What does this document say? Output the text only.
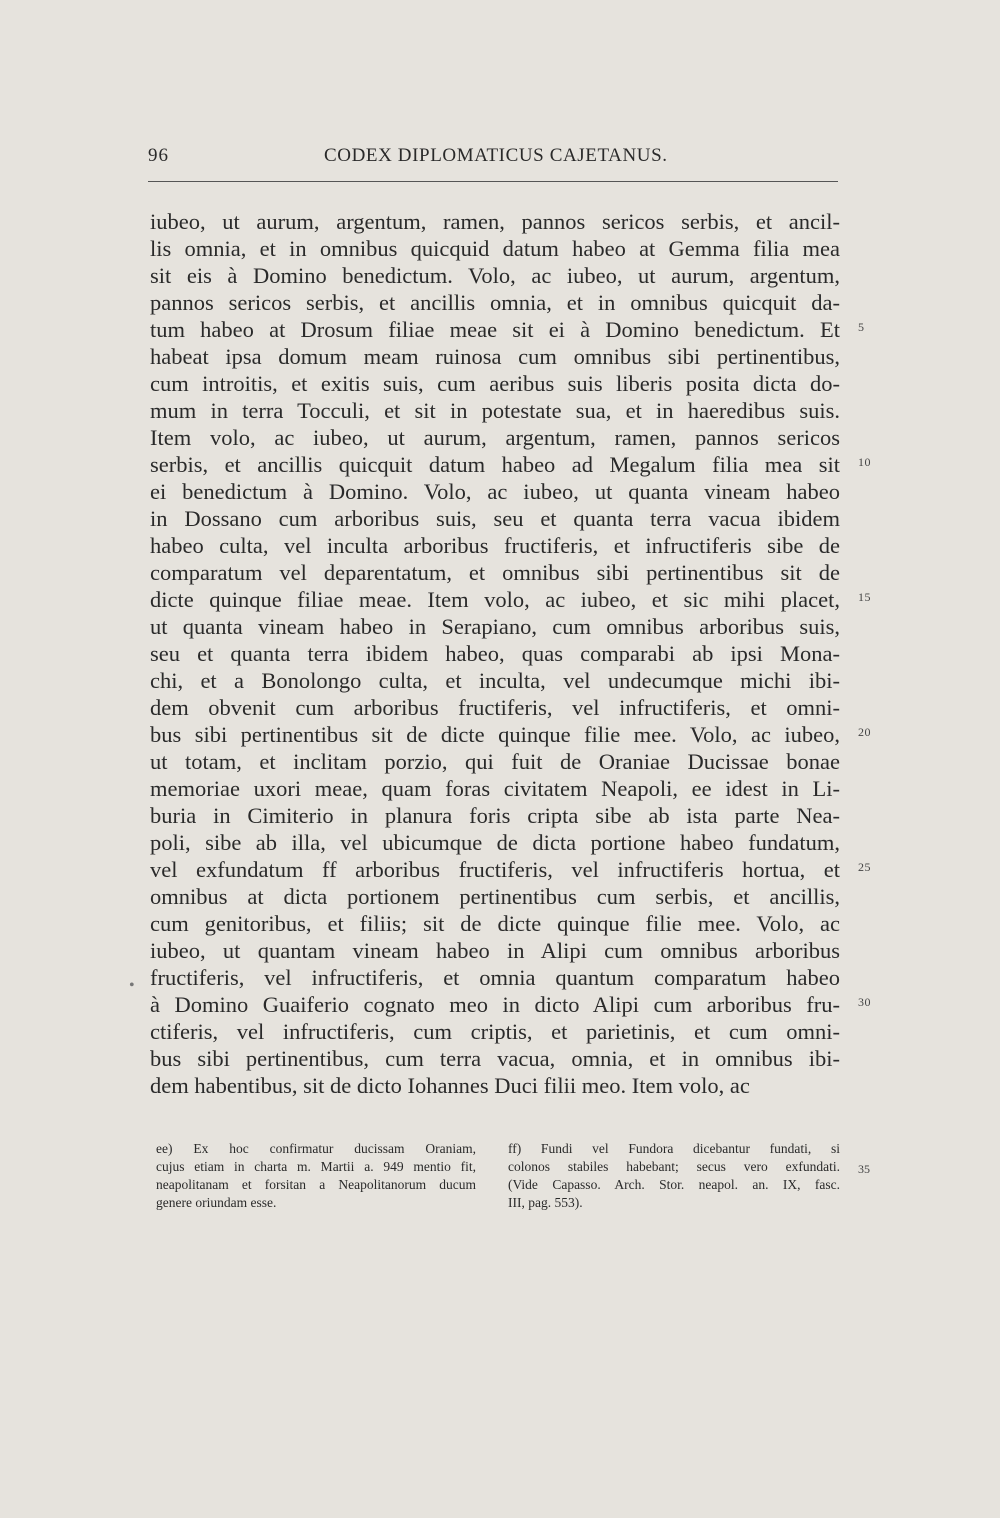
96	CODEX DIPLOMATICUS CAJETANUS.
iubeo, ut aurum, argentum, ramen, pannos sericos serbis, et ancil-
lis omnia, et in omnibus quicquid datum habeo at Gemma filia mea
sit eis à Domino benedictum. Volo, ac iubeo, ut aurum, argentum,
pannos sericos serbis, et ancillis omnia, et in omnibus quicquit da-
tum habeo at Drosum filiae meae sit ei à Domino benedictum. Et
habeat ipsa domum meam ruinosa cum omnibus sibi pertinentibus,
cum introitis, et exitis suis, cum aeribus suis liberis posita dicta do-
mum in terra Tocculi, et sit in potestate sua, et in haeredibus suis.
Item volo, ac iubeo, ut aurum, argentum, ramen, pannos sericos
serbis, et ancillis quicquit datum habeo ad Megalum filia mea sit
ei benedictum à Domino. Volo, ac iubeo, ut quanta vineam habeo
in Dossano cum arboribus suis, seu et quanta terra vacua ibidem
habeo culta, vel inculta arboribus fructiferis, et infructiferis sibe de
comparatum vel deparentatum, et omnibus sibi pertinentibus sit de
dicte quinque filiae meae. Item volo, ac iubeo, et sic mihi placet,
ut quanta vineam habeo in Serapiano, cum omnibus arboribus suis,
seu et quanta terra ibidem habeo, quas comparabi ab ipsi Mona-
chi, et a Bonolongo culta, et inculta, vel undecumque michi ibi-
dem obvenit cum arboribus fructiferis, vel infructiferis, et omni-
bus sibi pertinentibus sit de dicte quinque filie mee. Volo, ac iubeo,
ut totam, et inclitam porzio, qui fuit de Oraniae Ducissae bonae
memoriae uxori meae, quam foras civitatem Neapoli, ee idest in Li-
buria in Cimiterio in planura foris cripta sibe ab ista parte Nea-
poli, sibe ab illa, vel ubicumque de dicta portione habeo fundatum,
vel exfundatum ff arboribus fructiferis, vel infructiferis hortua, et
omnibus at dicta portionem pertinentibus cum serbis, et ancillis,
cum genitoribus, et filiis; sit de dicte quinque filie mee. Volo, ac
iubeo, ut quantam vineam habeo in Alipi cum omnibus arboribus
fructiferis, vel infructiferis, et omnia quantum comparatum habeo
à Domino Guaiferio cognato meo in dicto Alipi cum arboribus fru-
ctiferis, vel infructiferis, cum criptis, et parietinis, et cum omni-
bus sibi pertinentibus, cum terra vacua, omnia, et in omnibus ibi-
dem habentibus, sit de dicto Iohannes Duci filii meo. Item volo, ac
5
10
15
20
25
30
•
ee) Ex hoc confirmatur ducissam Oraniam,
cujus etiam in charta m. Martii a. 949 mentio fit,
neapolitanam et forsitan a Neapolitanorum ducum
genere oriundam esse.
ff) Fundi vel Fundora dicebantur fundati, si
colonos stabiles habebant; secus vero exfundati.
(Vide Capasso. Arch. Stor. neapol. an. IX, fasc.
III, pag. 553).
35
